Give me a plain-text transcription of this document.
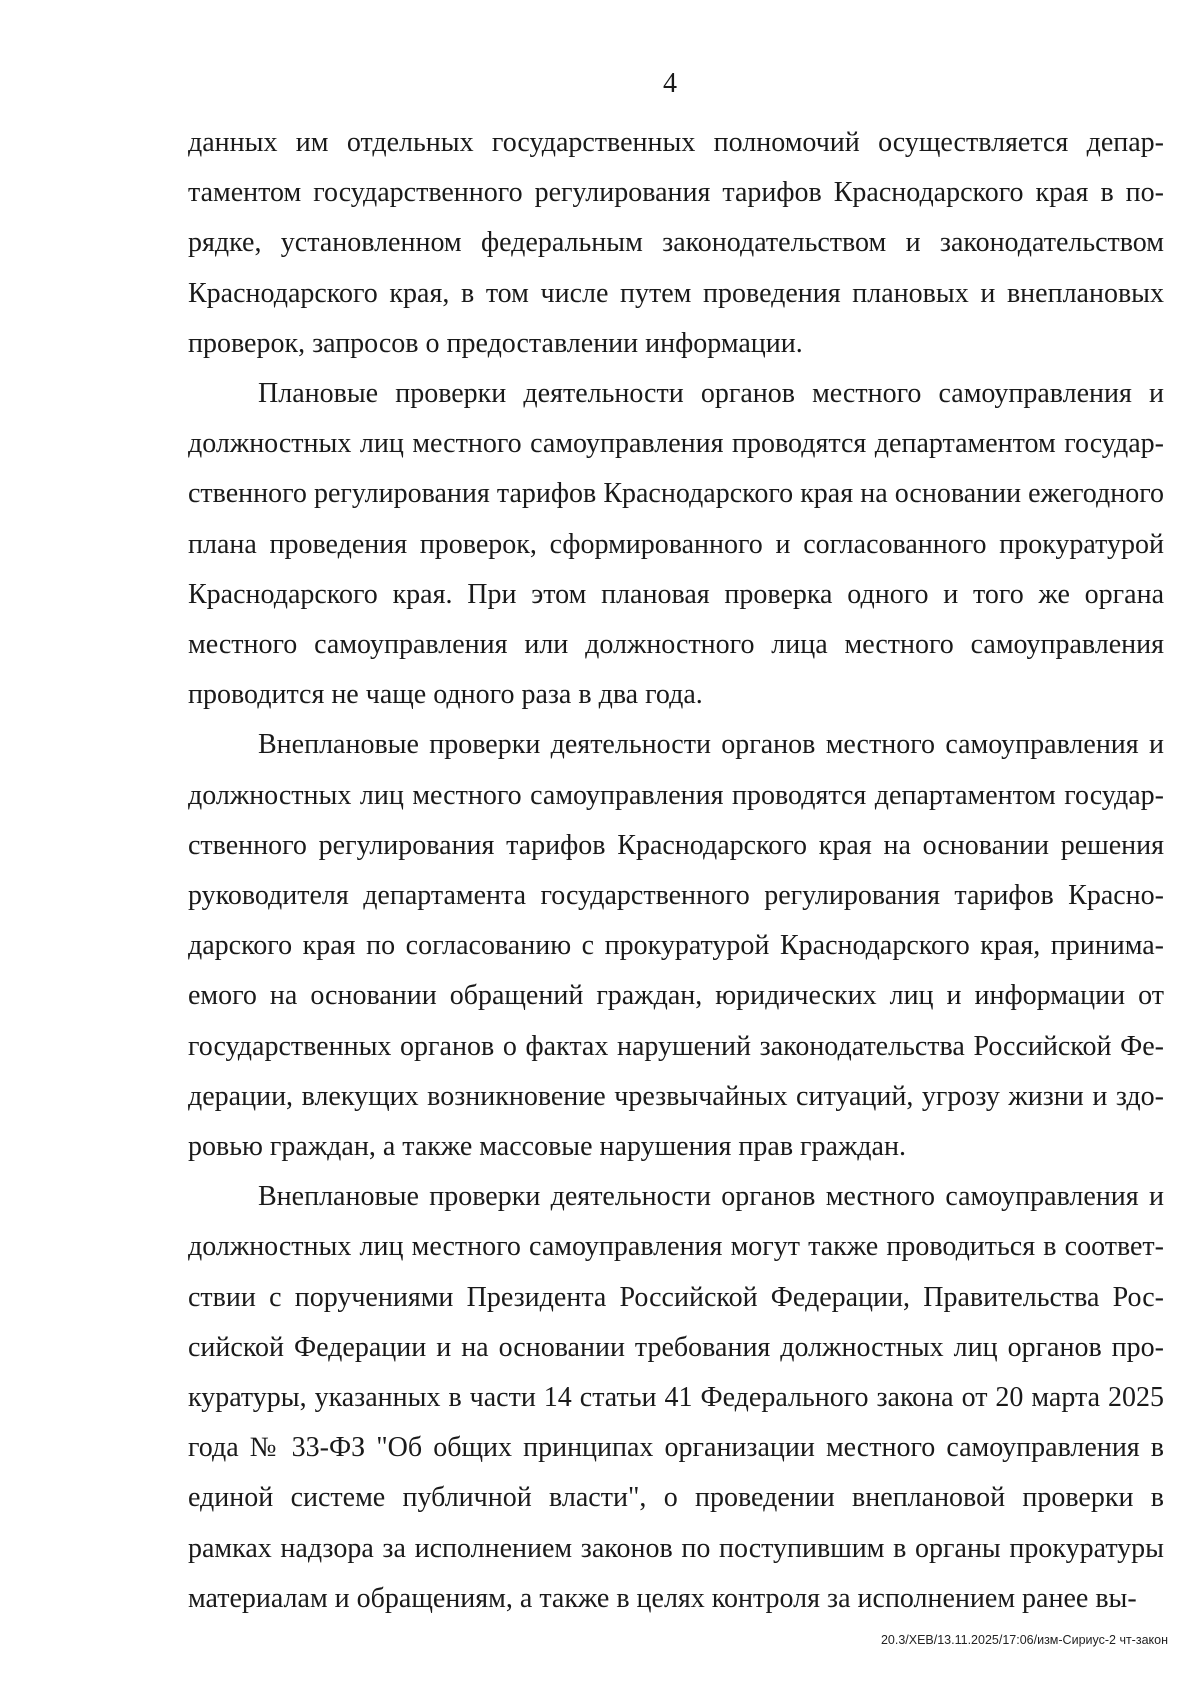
4

данных им отдельных государственных полномочий осуществляется департаментом государственного регулирования тарифов Краснодарского края в порядке, установленном федеральным законодательством и законодательством Краснодарского края, в том числе путем проведения плановых и внеплановых проверок, запросов о предоставлении информации.

Плановые проверки деятельности органов местного самоуправления и должностных лиц местного самоуправления проводятся департаментом государственного регулирования тарифов Краснодарского края на основании ежегодного плана проведения проверок, сформированного и согласованного прокуратурой Краснодарского края. При этом плановая проверка одного и того же органа местного самоуправления или должностного лица местного самоуправления проводится не чаще одного раза в два года.

Внеплановые проверки деятельности органов местного самоуправления и должностных лиц местного самоуправления проводятся департаментом государственного регулирования тарифов Краснодарского края на основании решения руководителя департамента государственного регулирования тарифов Краснодарского края по согласованию с прокуратурой Краснодарского края, принимаемого на основании обращений граждан, юридических лиц и информации от государственных органов о фактах нарушений законодательства Российской Федерации, влекущих возникновение чрезвычайных ситуаций, угрозу жизни и здоровью граждан, а также массовые нарушения прав граждан.

Внеплановые проверки деятельности органов местного самоуправления и должностных лиц местного самоуправления могут также проводиться в соответствии с поручениями Президента Российской Федерации, Правительства Российской Федерации и на основании требования должностных лиц органов прокуратуры, указанных в части 14 статьи 41 Федерального закона от 20 марта 2025 года № 33-ФЗ "Об общих принципах организации местного самоуправления в единой системе публичной власти", о проведении внеплановой проверки в рамках надзора за исполнением законов по поступившим в органы прокуратуры материалам и обращениям, а также в целях контроля за исполнением ранее вы-

20.3/ХЕВ/13.11.2025/17:06/изм-Сириус-2 чт-закон
